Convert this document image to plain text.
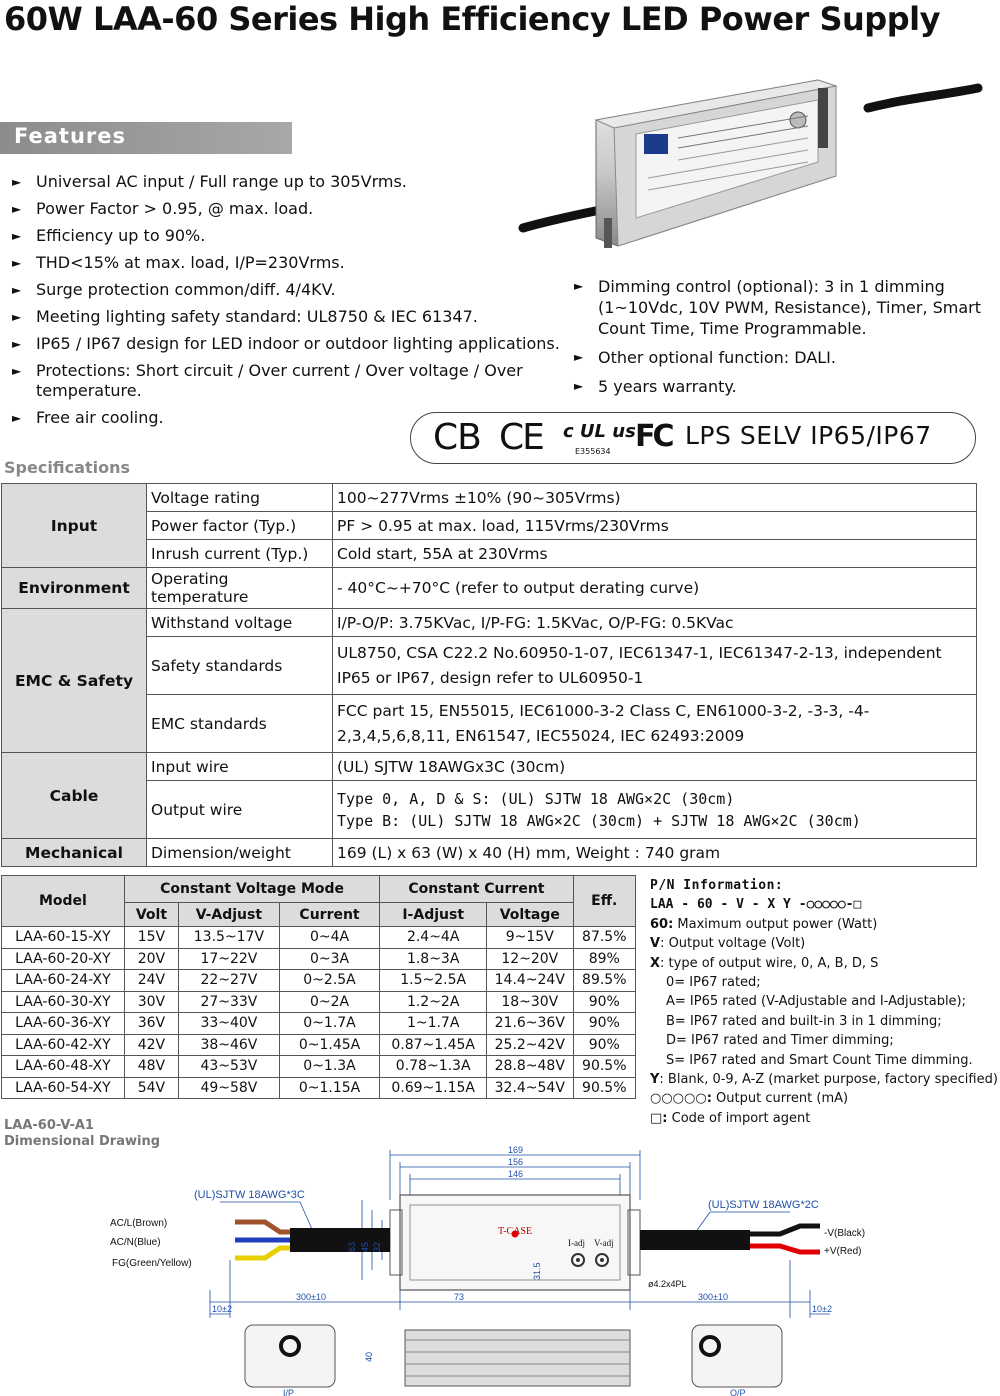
60W LAA-60 Series High Efficiency LED Power Supply
Features
► Universal AC input / Full range up to 305Vrms.
► Power Factor > 0.95, @ max. load.
► Efficiency up to 90%.
► THD<15% at max. load, I/P=230Vrms.
► Surge protection common/diff. 4/4KV.
► Meeting lighting safety standard: UL8750 & IEC 61347.
► IP65 / IP67 design for LED indoor or outdoor lighting applications.
► Protections: Short circuit / Over current / Over voltage / Over temperature.
► Free air cooling.
► Dimming control (optional): 3 in 1 dimming (1~10Vdc, 10V PWM, Resistance), Timer, Smart Count Time, Time Programmable.
► Other optional function: DALI.
► 5 years warranty.
CB CE c UL us
E355634 FC LPS SELV IP65/IP67
Specifications
Input	Voltage rating	100~277Vrms ±10% (90~305Vrms)
	Power factor (Typ.)	PF > 0.95 at max. load, 115Vrms/230Vrms
	Inrush current (Typ.)	Cold start, 55A at 230Vrms
Environment	Operating temperature	- 40°C~+70°C (refer to output derating curve)
EMC & Safety	Withstand voltage	I/P-O/P: 3.75KVac, I/P-FG: 1.5KVac, O/P-FG: 0.5KVac
	Safety standards	UL8750, CSA C22.2 No.60950-1-07, IEC61347-1, IEC61347-2-13, independent IP65 or IP67, design refer to UL60950-1
	EMC standards	FCC part 15, EN55015, IEC61000-3-2 Class C, EN61000-3-2, -3-3, -4-2,3,4,5,6,8,11, EN61547, IEC55024, IEC 62493:2009
Cable	Input wire	(UL) SJTW 18AWGx3C (30cm)
	Output wire	Type 0, A, D & S: (UL) SJTW 18 AWG×2C (30cm)
Type B: (UL) SJTW 18 AWG×2C (30cm) + SJTW 18 AWG×2C (30cm)

Mechanical	Dimension/weight	169 (L) x 63 (W) x 40 (H) mm, Weight : 740 gram
Model	Constant Voltage Mode			Constant Current		Eff.
	Volt	V-Adjust	Current	I-Adjust	Voltage	
LAA-60-15-XY	15V	13.5~17V	0~4A	2.4~4A	9~15V	87.5%
LAA-60-20-XY	20V	17~22V	0~3A	1.8~3A	12~20V	89%
LAA-60-24-XY	24V	22~27V	0~2.5A	1.5~2.5A	14.4~24V	89.5%
LAA-60-30-XY	30V	27~33V	0~2A	1.2~2A	18~30V	90%
LAA-60-36-XY	36V	33~40V	0~1.7A	1~1.7A	21.6~36V	90%
LAA-60-42-XY	42V	38~46V	0~1.45A	0.87~1.45A	25.2~42V	90%
LAA-60-48-XY	48V	43~53V	0~1.3A	0.78~1.3A	28.8~48V	90.5%
LAA-60-54-XY	54V	49~58V	0~1.15A	0.69~1.15A	32.4~54V	90.5%
P/N Information:
LAA - 60 - V - X Y -○○○○○-□
60: Maximum output power (Watt)
V: Output voltage (Volt)
X: type of output wire, 0, A, B, D, S
0= IP67 rated;
A= IP65 rated (V-Adjustable and I-Adjustable);
B= IP67 rated and built-in 3 in 1 dimming;
D= IP67 rated and Timer dimming;
S= IP67 rated and Smart Count Time dimming.
Y: Blank, 0-9, A-Z (market purpose, factory specified)
○○○○○: Output current (mA)
□: Code of import agent
LAA-60-V-A1
Dimensional Drawing
169
156
146
(UL)SJTW 18AWG*3C
(UL)SJTW 18AWG*2C
300±10	73	300±10
10±2	10±2
63 45 32
31.5
40
I/P	O/P
AC/L(Brown)
AC/N(Blue)
FG(Green/Yellow)
-V(Black)
+V(Red)
T-CASE
I-adj V-adj
ø4.2x4PL
